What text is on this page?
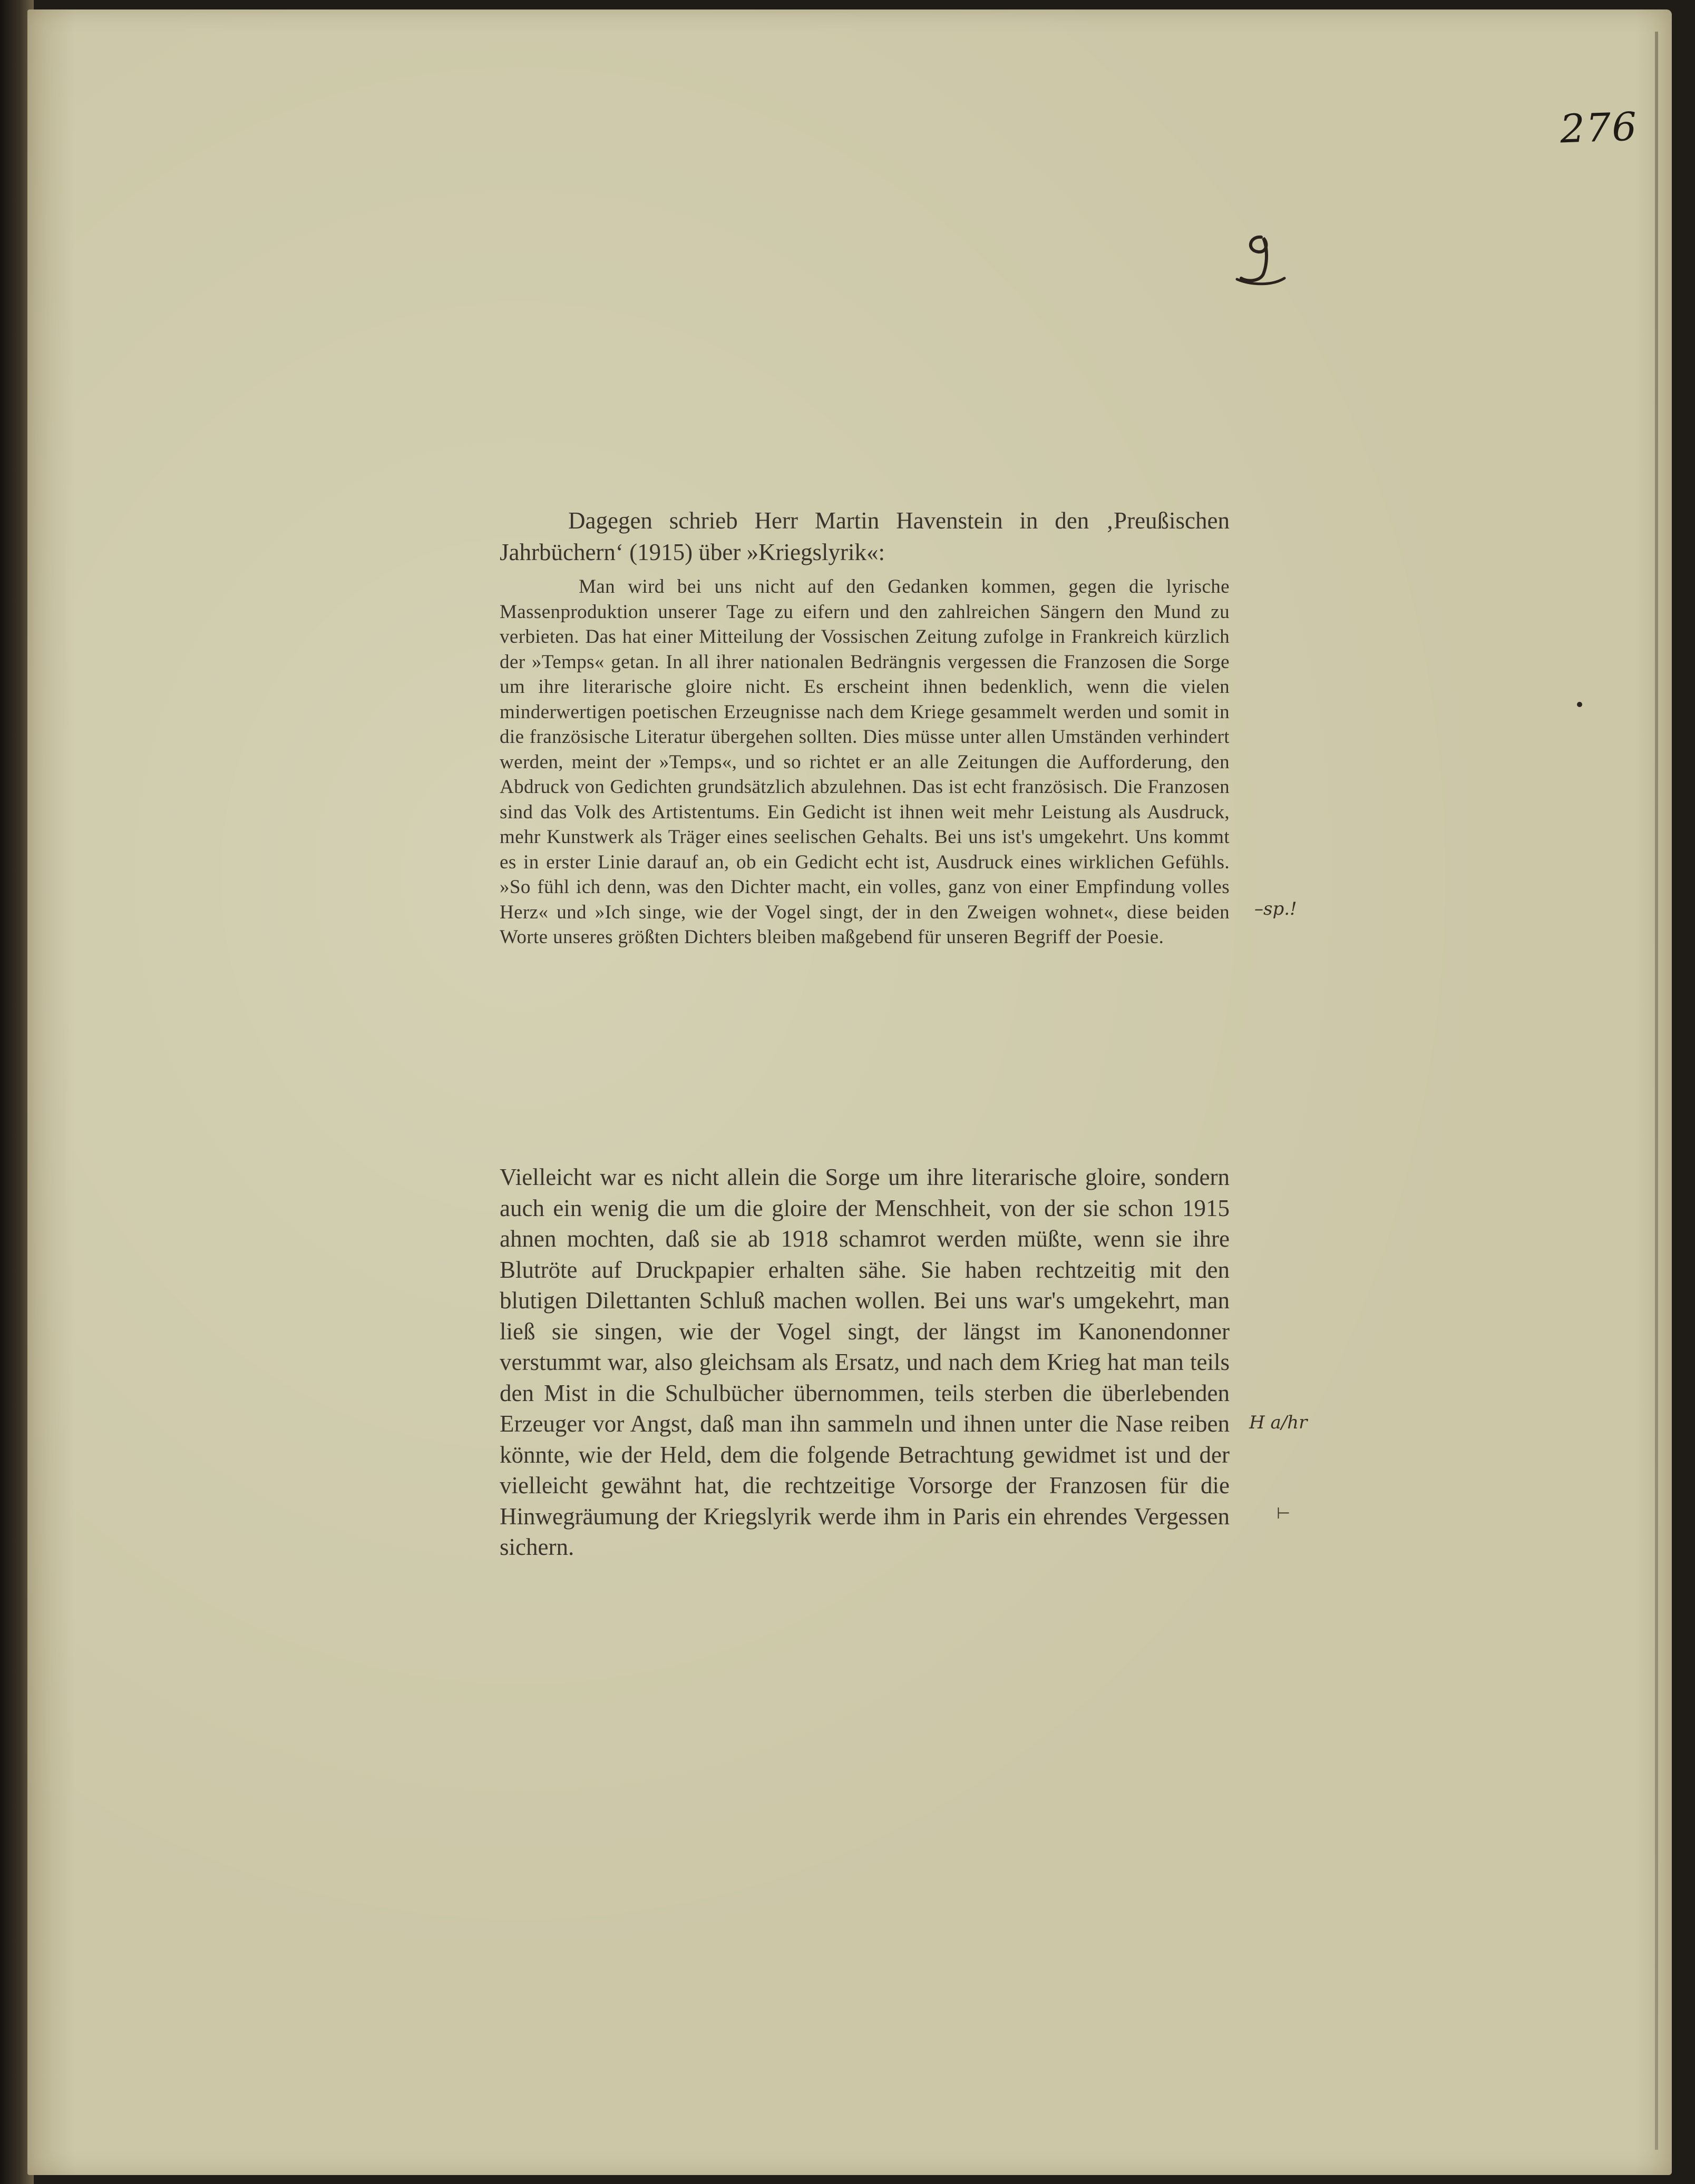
276
Dagegen schrieb Herr Martin Havenstein in den ‚Preußischen Jahrbüchern‘ (1915) über »Kriegslyrik«:
Man wird bei uns nicht auf den Gedanken kommen, gegen die lyrische Massenproduktion unserer Tage zu eifern und den zahlreichen Sängern den Mund zu verbieten. Das hat einer Mitteilung der Vossischen Zeitung zufolge in Frankreich kürzlich der »Temps« getan. In all ihrer nationalen Bedrängnis vergessen die Franzosen die Sorge um ihre literarische gloire nicht. Es erscheint ihnen bedenklich, wenn die vielen minderwertigen poetischen Erzeugnisse nach dem Kriege gesammelt werden und somit in die französische Literatur übergehen sollten. Dies müsse unter allen Umständen verhindert werden, meint der »Temps«, und so richtet er an alle Zeitungen die Aufforderung, den Abdruck von Gedichten grundsätzlich abzulehnen. Das ist echt französisch. Die Franzosen sind das Volk des Artistentums. Ein Gedicht ist ihnen weit mehr Leistung als Ausdruck, mehr Kunstwerk als Träger eines seelischen Gehalts. Bei uns ist's umgekehrt. Uns kommt es in erster Linie darauf an, ob ein Gedicht echt ist, Ausdruck eines wirklichen Gefühls. »So fühl ich denn, was den Dichter macht, ein volles, ganz von einer Empfindung volles Herz« und »Ich singe, wie der Vogel singt, der in den Zweigen wohnet«, diese beiden Worte unseres größten Dichters bleiben maßgebend für unseren Begriff der Poesie.
Vielleicht war es nicht allein die Sorge um ihre literarische gloire, sondern auch ein wenig die um die gloire der Menschheit, von der sie schon 1915 ahnen mochten, daß sie ab 1918 schamrot werden müßte, wenn sie ihre Blutröte auf Druckpapier erhalten sähe. Sie haben rechtzeitig mit den blutigen Dilettanten Schluß machen wollen. Bei uns war's umgekehrt, man ließ sie singen, wie der Vogel singt, der längst im Kanonendonner verstummt war, also gleichsam als Ersatz, und nach dem Krieg hat man teils den Mist in die Schulbücher übernommen, teils sterben die überlebenden Erzeuger vor Angst, daß man ihn sammeln und ihnen unter die Nase reiben könnte, wie der Held, dem die folgende Betrachtung gewidmet ist und der vielleicht gewähnt hat, die rechtzeitige Vorsorge der Franzosen für die Hinwegräumung der Kriegslyrik werde ihm in Paris ein ehrendes Vergessen sichern.
–sp.!
H a/hr
⊢
